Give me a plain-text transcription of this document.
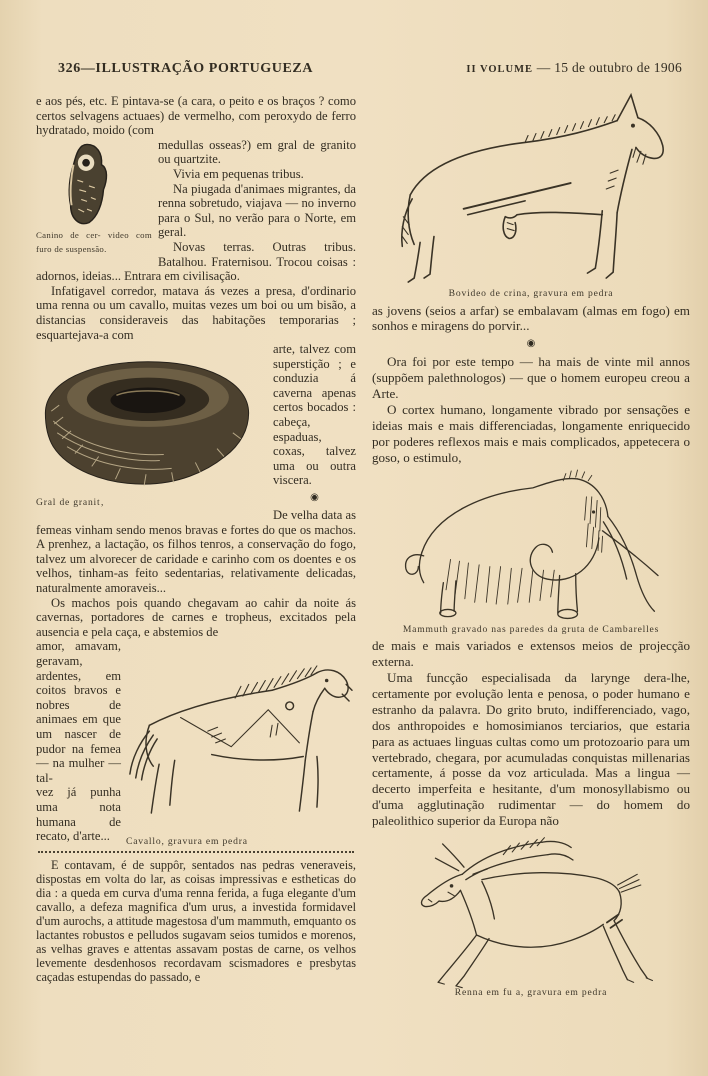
326—ILLUSTRAÇÃO PORTUGUEZA	II VOLUME — 15 de outubro de 1906

e aos pés, etc. E pintava-se (a cara, o peito e os braços ? como certos selvagens actuaes) de vermelho, com peroxydo de ferro hydratado, moido (com

Canino de cer- video com furo de suspensão.

medullas osseas?) em gral de granito ou quartzite.

Vivia em pequenas tribus.

Na piugada d'animaes migrantes, da renna sobretudo, viajava — no inverno para o Sul, no verão para o Norte, em geral.

Novas terras. Outras tribus. Batalhou. Fraternisou. Trocou coisas : adornos, ideias... Entrara em civilisação.

Infatigavel corredor, matava ás vezes a presa, d'ordinario uma renna ou um cavallo, muitas vezes um boi ou um bisão, a distancias consideraveis das habitações temporarias ; esquartejava-a com

Gral de granit‚

arte, talvez com superstição ; e conduzia á caverna apenas certos bocados : cabeça, espaduas, coxas, talvez uma ou outra viscera.

◉

De velha data as femeas vinham sendo menos bravas e fortes do que os machos. A prenhez, a lactação, os filhos tenros, a conservação do fogo, talvez um alvorecer de caridade e carinho com os doentes e os velhos, tinham-as feito sedentarias, relativamente delicadas, naturalmente amoraveis...

Os machos pois quando chegavam ao cahir da noite ás cavernas, portadores de carnes e tropheus, excitados pela ausencia e pela caça, e abstemios de

Cavallo, gravura em pedra

amor, amavam, geravam, ardentes, em coitos bravos e nobres de animaes em que um nascer de pudor na femea — na mulher — tal-

vez já punha uma nota humana de recato, d'arte...

E contavam, é de suppôr, sentados nas pedras veneraveis, dispostas em volta do lar, as coisas impressivas e estheticas do dia : a queda em curva d'uma renna ferida, a fuga elegante d'um cavallo, a defeza magnifica d'um urus, a investida formidavel d'um aurochs, a attitude magestosa d'um mammuth, emquanto os lactantes robustos e pelludos sugavam seios tumidos e morenos, as velhas graves e attentas assavam postas de carne, os velhos levemente desdenhosos recordavam scismadores e presbytas caçadas estupendas do passado, e

Bovideo de crina, gravura em pedra

as jovens (seios a arfar) se embalavam (almas em fogo) em sonhos e miragens do porvir...

◉

Ora foi por este tempo — ha mais de vinte mil annos (suppõem palethnologos) — que o homem europeu creou a Arte.

O cortex humano, longamente vibrado por sensações e ideias mais e mais differenciadas, longamente enriquecido por poderes reflexos mais e mais complicados, appetecera o goso, o estimulo,

Mammuth gravado nas paredes da gruta de Cambarelles

de mais e mais variados e extensos meios de projecção externa.

Uma funcção especialisada da larynge dera-lhe, certamente por evolução lenta e penosa, o poder humano e estranho da palavra. Do grito bruto, indifferenciado, vago, dos anthropoides e homosimianos terciarios, que estaria para as actuaes linguas cultas como um protozoario para um vertebrado, chegara, por acumuladas conquistas millenarias certamente, á posse da voz articulada. Mas a lingua — decerto imperfeita e hesitante, d'um monosyllabismo ou d'uma agglutinação rudimentar — do homem do paleolithico superior da Europa não

Renna em fu a, gravura em pedra
